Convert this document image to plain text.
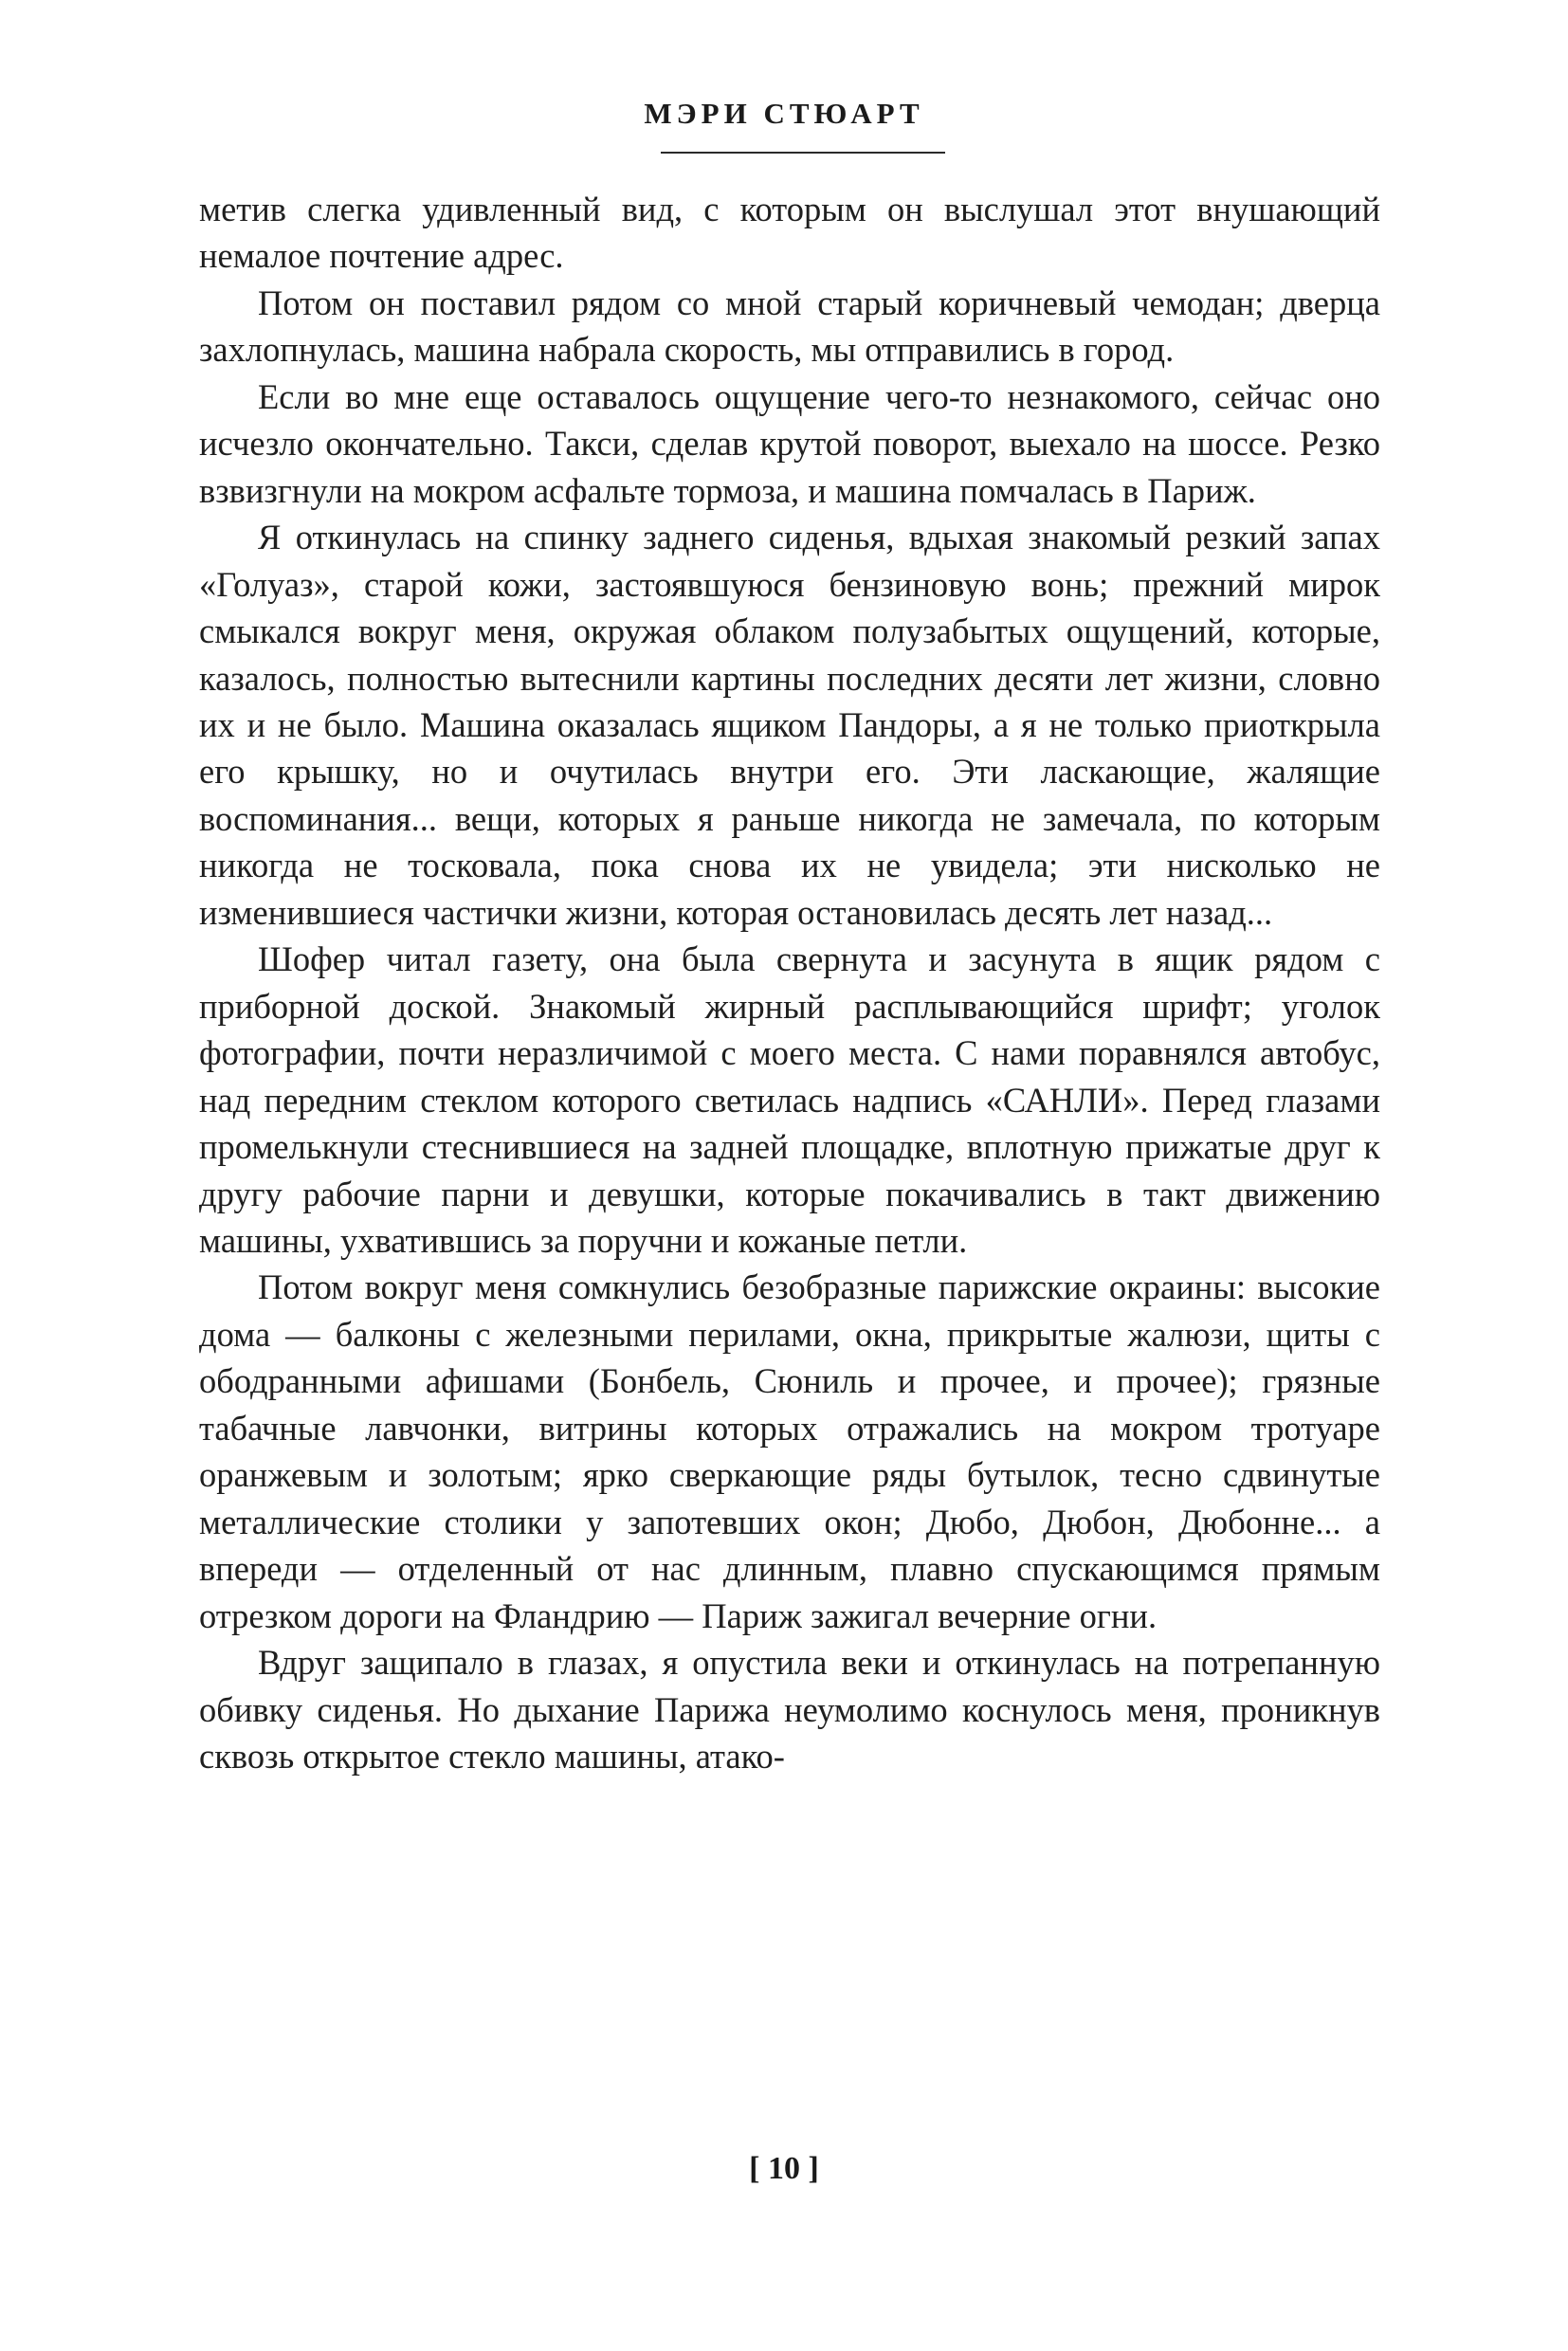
МЭРИ СТЮАРТ

метив слегка удивленный вид, с которым он выслушал этот внушающий немалое почтение адрес.

Потом он поставил рядом со мной старый коричневый чемодан; дверца захлопнулась, машина набрала скорость, мы отправились в город.

Если во мне еще оставалось ощущение чего-то незнакомого, сейчас оно исчезло окончательно. Такси, сделав крутой поворот, выехало на шоссе. Резко взвизгнули на мокром асфальте тормоза, и машина помчалась в Париж.

Я откинулась на спинку заднего сиденья, вдыхая знакомый резкий запах «Голуаз», старой кожи, застоявшуюся бензиновую вонь; прежний мирок смыкался вокруг меня, окружая облаком полузабытых ощущений, которые, казалось, полностью вытеснили картины последних десяти лет жизни, словно их и не было. Машина оказалась ящиком Пандоры, а я не только приоткрыла его крышку, но и очутилась внутри его. Эти ласкающие, жалящие воспоминания... вещи, которых я раньше никогда не замечала, по которым никогда не тосковала, пока снова их не увидела; эти нисколько не изменившиеся частички жизни, которая остановилась десять лет назад...

Шофер читал газету, она была свернута и засунута в ящик рядом с приборной доской. Знакомый жирный расплывающийся шрифт; уголок фотографии, почти неразличимой с моего места. С нами поравнялся автобус, над передним стеклом которого светилась надпись «САНЛИ». Перед глазами промелькнули стеснившиеся на задней площадке, вплотную прижатые друг к другу рабочие парни и девушки, которые покачивались в такт движению машины, ухватившись за поручни и кожаные петли.

Потом вокруг меня сомкнулись безобразные парижские окраины: высокие дома — балконы с железными перилами, окна, прикрытые жалюзи, щиты с ободранными афишами (Бонбель, Сюниль и прочее, и прочее); грязные табачные лавчонки, витрины которых отражались на мокром тротуаре оранжевым и золотым; ярко сверкающие ряды бутылок, тесно сдвинутые металлические столики у запотевших окон; Дюбо, Дюбон, Дюбонне... а впереди — отделенный от нас длинным, плавно спускающимся прямым отрезком дороги на Фландрию — Париж зажигал вечерние огни.

Вдруг защипало в глазах, я опустила веки и откинулась на потрепанную обивку сиденья. Но дыхание Парижа неумолимо коснулось меня, проникнув сквозь открытое стекло машины, атако-

[ 10 ]
